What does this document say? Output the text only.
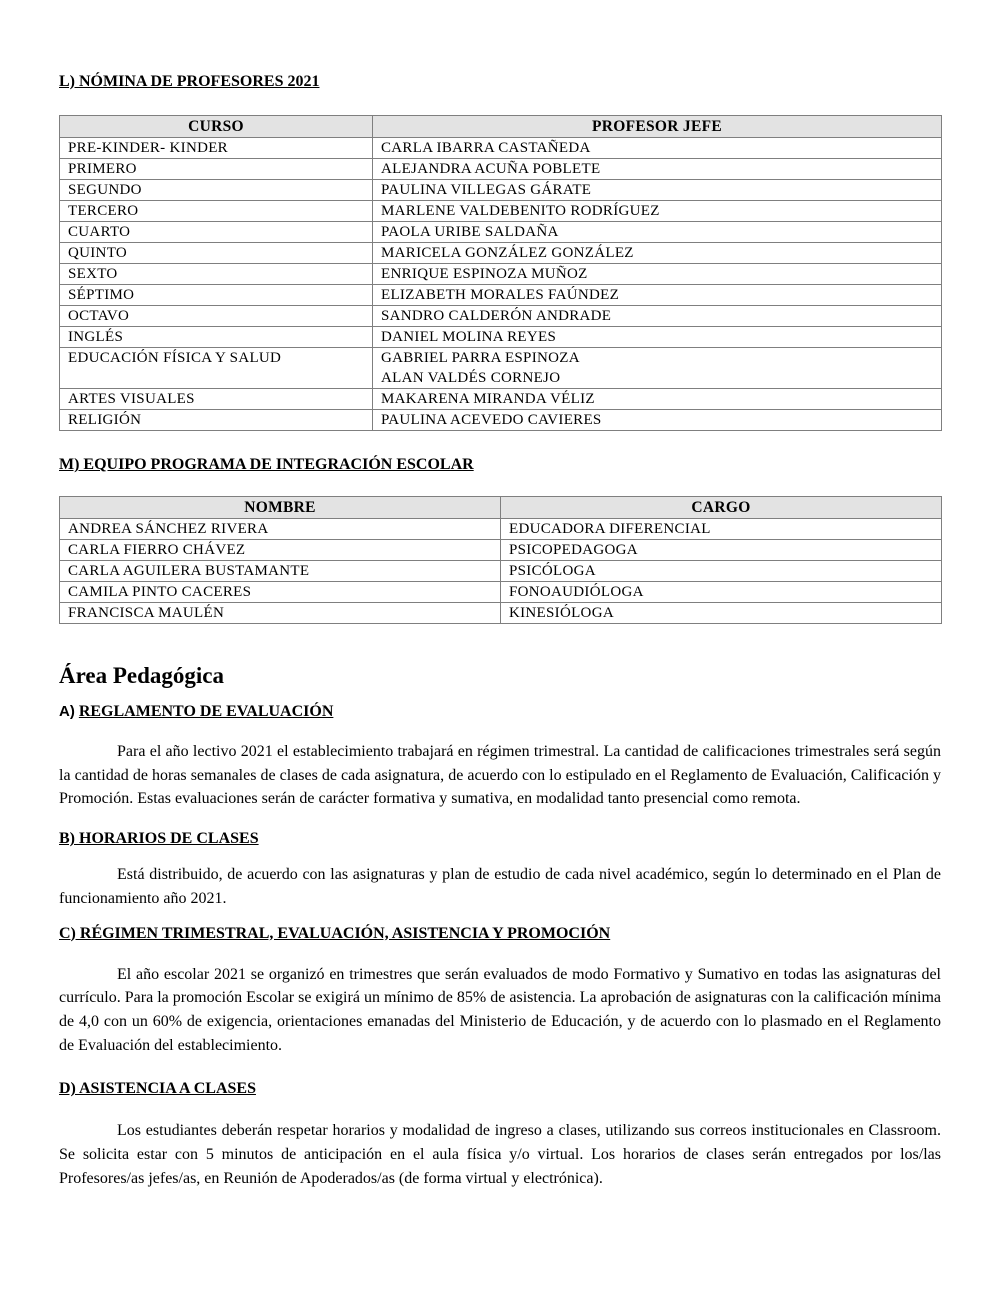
L) NÓMINA DE PROFESORES 2021
CURSO	PROFESOR JEFE
PRE-KINDER- KINDER	CARLA IBARRA CASTAÑEDA
PRIMERO	ALEJANDRA ACUÑA POBLETE
SEGUNDO	PAULINA VILLEGAS GÁRATE
TERCERO	MARLENE VALDEBENITO RODRÍGUEZ
CUARTO	PAOLA URIBE SALDAÑA
QUINTO	MARICELA GONZÁLEZ GONZÁLEZ
SEXTO	ENRIQUE ESPINOZA MUÑOZ
SÉPTIMO	ELIZABETH MORALES FAÚNDEZ
OCTAVO	SANDRO CALDERÓN ANDRADE
INGLÉS	DANIEL MOLINA REYES
EDUCACIÓN FÍSICA Y SALUD	GABRIEL PARRA ESPINOZA
ALAN VALDÉS CORNEJO

ARTES VISUALES	MAKARENA MIRANDA VÉLIZ
RELIGIÓN	PAULINA ACEVEDO CAVIERES
M) EQUIPO PROGRAMA DE INTEGRACIÓN ESCOLAR
NOMBRE	CARGO
ANDREA SÁNCHEZ RIVERA	EDUCADORA DIFERENCIAL
CARLA FIERRO CHÁVEZ	PSICOPEDAGOGA
CARLA AGUILERA BUSTAMANTE	PSICÓLOGA
CAMILA PINTO CACERES	FONOAUDIÓLOGA
FRANCISCA MAULÉN	KINESIÓLOGA
Área Pedagógica
A) REGLAMENTO DE EVALUACIÓN

Para el año lectivo 2021 el establecimiento trabajará en régimen trimestral. La cantidad de calificaciones trimestrales será según la cantidad de horas semanales de clases de cada asignatura, de acuerdo con lo estipulado en el Reglamento de Evaluación, Calificación y Promoción. Estas evaluaciones serán de carácter formativa y sumativa, en modalidad tanto presencial como remota.

B) HORARIOS DE CLASES

Está distribuido, de acuerdo con las asignaturas y plan de estudio de cada nivel académico, según lo determinado en el Plan de funcionamiento año 2021.

C) RÉGIMEN TRIMESTRAL, EVALUACIÓN, ASISTENCIA Y PROMOCIÓN

El año escolar 2021 se organizó en trimestres que serán evaluados de modo Formativo y Sumativo en todas las asignaturas del currículo. Para la promoción Escolar se exigirá un mínimo de 85% de asistencia. La aprobación de asignaturas con la calificación mínima de 4,0 con un 60% de exigencia, orientaciones emanadas del Ministerio de Educación, y de acuerdo con lo plasmado en el Reglamento de Evaluación del establecimiento.

D) ASISTENCIA A CLASES

Los estudiantes deberán respetar horarios y modalidad de ingreso a clases, utilizando sus correos institucionales en Classroom. Se solicita estar con 5 minutos de anticipación en el aula física y/o virtual. Los horarios de clases serán entregados por los/las Profesores/as jefes/as, en Reunión de Apoderados/as (de forma virtual y electrónica).
